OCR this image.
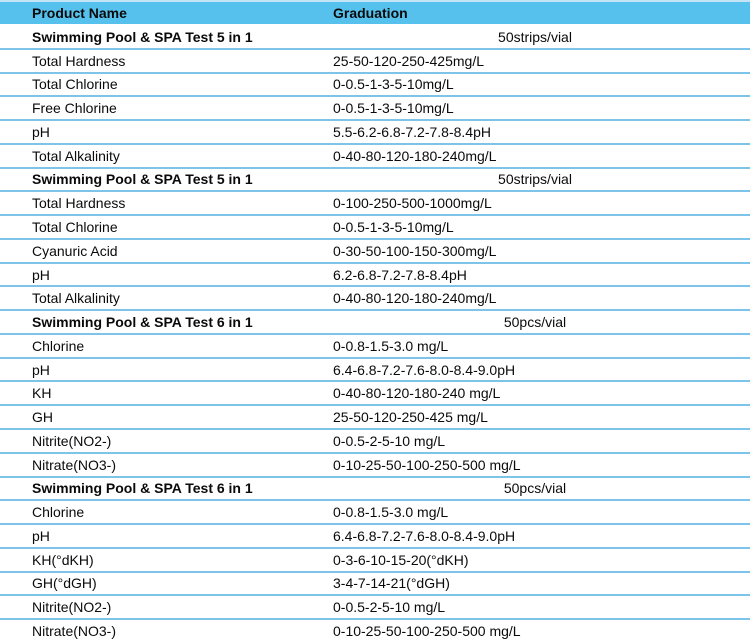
Product Name	Graduation
Swimming Pool & SPA Test 5 in 1	50strips/vial
Total Hardness	25-50-120-250-425mg/L
Total Chlorine	0-0.5-1-3-5-10mg/L
Free Chlorine	0-0.5-1-3-5-10mg/L
pH	5.5-6.2-6.8-7.2-7.8-8.4pH
Total Alkalinity	0-40-80-120-180-240mg/L
Swimming Pool & SPA Test 5 in 1	50strips/vial
Total Hardness	0-100-250-500-1000mg/L
Total Chlorine	0-0.5-1-3-5-10mg/L
Cyanuric Acid	0-30-50-100-150-300mg/L
pH	6.2-6.8-7.2-7.8-8.4pH
Total Alkalinity	0-40-80-120-180-240mg/L
Swimming Pool & SPA Test 6 in 1	50pcs/vial
Chlorine	0-0.8-1.5-3.0 mg/L
pH	6.4-6.8-7.2-7.6-8.0-8.4-9.0pH
KH	0-40-80-120-180-240 mg/L
GH	25-50-120-250-425 mg/L
Nitrite(NO2-)	0-0.5-2-5-10 mg/L
Nitrate(NO3-)	0-10-25-50-100-250-500 mg/L
Swimming Pool & SPA Test 6 in 1	50pcs/vial
Chlorine	0-0.8-1.5-3.0 mg/L
pH	6.4-6.8-7.2-7.6-8.0-8.4-9.0pH
KH(°dKH)	0-3-6-10-15-20(°dKH)
GH(°dGH)	3-4-7-14-21(°dGH)
Nitrite(NO2-)	0-0.5-2-5-10 mg/L
Nitrate(NO3-)	0-10-25-50-100-250-500 mg/L
